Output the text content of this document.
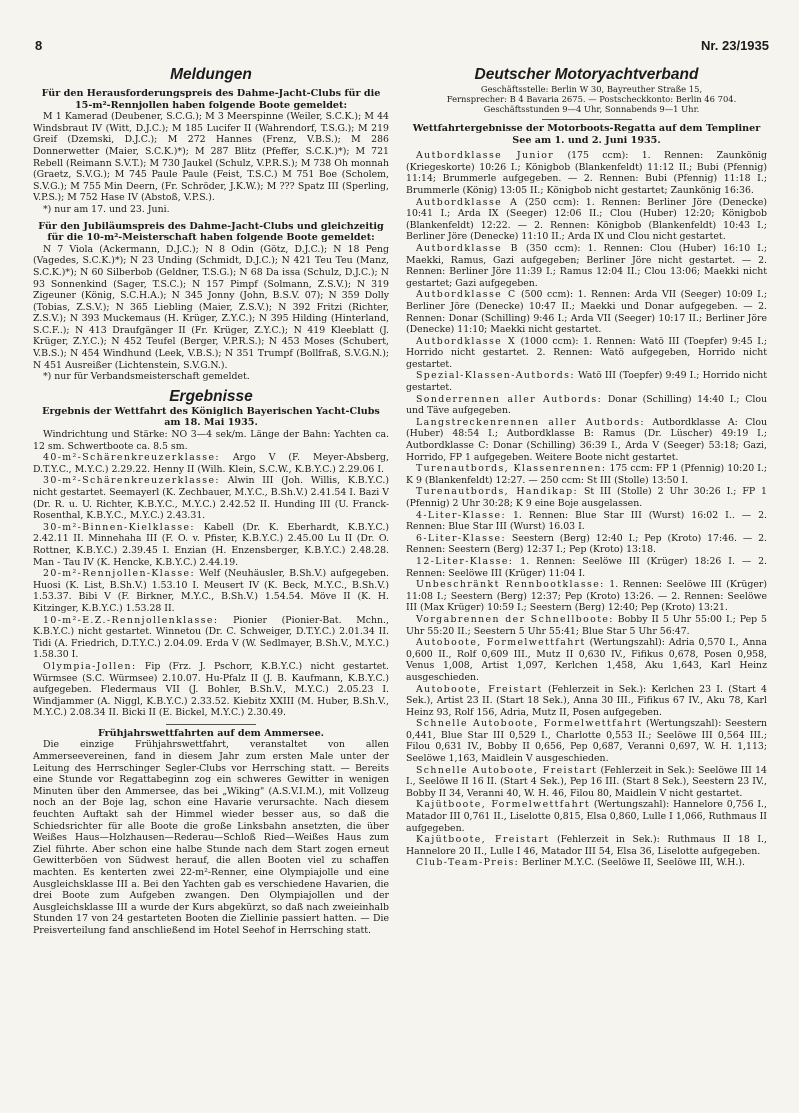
8	Nr. 23/1935
Meldungen
Für den Herausforderungspreis des Dahme-Jacht-Clubs für die 15-m²-Rennjollen haben folgende Boote gemeldet:

M 1 Kamerad (Deubener, S.C.G.); M 3 Meerspinne (Weiler, S.C.K.); M 44 Windsbraut IV (Witt, D.J.C.); M 185 Lucifer II (Wahrendorf, T.S.G.); M 219 Greif (Dzemski, D.J.C.); M 272 Hannes (Frenz, V.B.S.); M 286 Donnerwetter (Maier, S.C.K.)*); M 287 Blitz (Pfeffer, S.C.K.)*); M 721 Rebell (Reimann S.V.T.); M 730 Jaukel (Schulz, V.P.R.S.); M 738 Oh monnah (Graetz, S.V.G.); M 745 Paule Paule (Feist, T.S.C.) M 751 Boe (Scholem, S.V.G.); M 755 Min Deern, (Fr. Schröder, J.K.W.); M ??? Spatz III (Sperling, V.P.S.); M 752 Hase IV (Abstoß, V.P.S.).

*) nur am 17. und 23. Juni.

Für den Jubiläumspreis des Dahme-Jacht-Clubs und gleichzeitig für die 10-m²-Meisterschaft haben folgende Boote gemeldet:

N 7 Viola (Ackermann, D.J.C.); N 8 Odin (Götz, D.J.C.); N 18 Peng (Vagedes, S.C.K.)*); N 23 Unding (Schmidt, D.J.C.); N 421 Teu Teu (Manz, S.C.K.)*); N 60 Silberbob (Geldner, T.S.G.); N 68 Da issa (Schulz, D.J.C.); N 93 Sonnenkind (Sager, T.S.C.); N 157 Pimpf (Solmann, Z.S.V.); N 319 Zigeuner (König, S.C.H.A.); N 345 Jonny (John, B.S.V. 07); N 359 Dolly (Tobias, Z.S.V.); N 365 Liebling (Maier, Z.S.V.); N 392 Fritzi (Richter, Z.S.V.); N 393 Muckemaus (H. Krüger, Z.Y.C.); N 395 Hilding (Hinterland, S.C.F..); N 413 Draufgänger II (Fr. Krüger, Z.Y.C.); N 419 Kleeblatt (J. Krüger, Z.Y.C.); N 452 Teufel (Berger, V.P.R.S.); N 453 Moses (Schubert, V.B.S.); N 454 Windhund (Leek, V.B.S.); N 351 Trumpf (Bollfraß, S.V.G.N.); N 451 Ausreißer (Lichtenstein, S.V.G.N.).

*) nur für Verbandsmeisterschaft gemeldet.

Ergebnisse
Ergebnis der Wettfahrt des Königlich Bayerischen Yacht-Clubs am 18. Mai 1935.

Windrichtung und Stärke: NO 3—4 sek/m. Länge der Bahn: Yachten ca. 12 sm. Schwertboote ca. 8.5 sm.

40-m²-Schärenkreuzerklasse: Argo V (F. Meyer-Absberg, D.T.Y.C., M.Y.C.) 2.29.22. Henny II (Wilh. Klein, S.C.W., K.B.Y.C.) 2.29.06 I.

30-m²-Schärenkreuzerklasse: Alwin III (Joh. Willis, K.B.Y.C.) nicht gestartet. Seemayerl (K. Zechbauer, M.Y.C., B.Sh.V.) 2.41.54 I. Bazi V (Dr. R. u. U. Richter, K.B.Y.C., M.Y.C.) 2.42.52 II. Hunding III (U. Franck-Rosenthal, K.B.Y.C., M.Y.C.) 2.43.31.

30-m²-Binnen-Kielklasse: Kabell (Dr. K. Eberhardt, K.B.Y.C.) 2.42.11 II. Minnehaha III (F. O. v. Pfister, K.B.Y.C.) 2.45.00 Lu II (Dr. O. Rottner, K.B.Y.C.) 2.39.45 I. Enzian (H. Enzensberger, K.B.Y.C.) 2.48.28. Man - Tau IV (K. Hencke, K.B.Y.C.) 2.44.19.

20-m²-Rennjollen-Klasse: Welf (Neuhäusler, B.Sh.V.) aufgegeben. Huosi (K. List, B.Sh.V.) 1.53.10 I. Meusert IV (K. Beck, M.Y.C., B.Sh.V.) 1.53.37. Bibi V (F. Birkner, M.Y.C., B.Sh.V.) 1.54.54. Möve II (K. H. Kitzinger, K.B.Y.C.) 1.53.28 II.

10-m²-E.Z.-Rennjollenklasse: Pionier (Pionier-Bat. Mchn., K.B.Y.C.) nicht gestartet. Winnetou (Dr. C. Schweiger, D.T.Y.C.) 2.01.34 II. Tidi (A. Friedrich, D.T.Y.C.) 2.04.09. Erda V (W. Sedlmayer, B.Sh.V., M.Y.C.) 1.58.30 I.

Olympia-Jollen: Fip (Frz. J. Pschorr, K.B.Y.C.) nicht gestartet. Würmsee (S.C. Würmsee) 2.10.07. Hu-Pfalz II (J. B. Kaufmann, K.B.Y.C.) aufgegeben. Fledermaus VII (J. Bohler, B.Sh.V., M.Y.C.) 2.05.23 I. Windjammer (A. Niggl, K.B.Y.C.) 2.33.52. Kiebitz XXIII (M. Huber, B.Sh.V., M.Y.C.) 2.08.34 II. Bicki II (E. Bickel, M.Y.C.) 2.30.49.

Frühjahrswettfahrten auf dem Ammersee.

Die einzige Frühjahrswettfahrt, veranstaltet von allen Ammerseevereinen, fand in diesem Jahr zum ersten Male unter der Leitung des Herrschinger Segler-Clubs vor Herrsching statt. — Bereits eine Stunde vor Regattabeginn zog ein schweres Gewitter in wenigen Minuten über den Ammersee, das bei „Wiking" (A.S.V.I.M.), mit Vollzeug noch an der Boje lag, schon eine Havarie verursachte. Nach diesem feuchten Auftakt sah der Himmel wieder besser aus, so daß die Schiedsrichter für alle Boote die große Linksbahn ansetzten, die über Weißes Haus—Holzhausen—Rederau—Schloß Ried—Weißes Haus zum Ziel führte. Aber schon eine halbe Stunde nach dem Start zogen erneut Gewitterböen von Südwest herauf, die allen Booten viel zu schaffen machten. Es kenterten zwei 22-m²-Renner, eine Olympiajolle und eine Ausgleichsklasse III a. Bei den Yachten gab es verschiedene Havarien, die drei Boote zum Aufgeben zwangen. Den Olympiajollen und der Ausgleichsklasse III a wurde der Kurs abgekürzt, so daß nach zweieinhalb Stunden 17 von 24 gestarteten Booten die Ziellinie passiert hatten. — Die Preisverteilung fand anschließend im Hotel Seehof in Herrsching statt.

Deutscher Motoryachtverband

Geschäftsstelle: Berlin W 30, Bayreuther Straße 15,

Fernsprecher: B 4 Bavaria 2675. — Postscheckkonto: Berlin 46 704.

Geschäftsstunden 9—4 Uhr, Sonnabends 9—1 Uhr.

Wettfahrtergebnisse der Motorboots-Regatta auf dem Templiner See am 1. und 2. Juni 1935.

Autbordklasse Junior (175 ccm): 1. Rennen: Zaunkönig (Kriegeskorte) 10:26 I.; Königbob (Blankenfeldt) 11:12 II.; Bubi (Pfennig) 11:14; Brummerle aufgegeben. — 2. Rennen: Bubi (Pfennig) 11:18 I.; Brummerle (König) 13:05 II.; Königbob nicht gestartet; Zaunkönig 16:36.

Autbordklasse A (250 ccm): 1. Rennen: Berliner Jöre (Denecke) 10:41 I.; Arda IX (Seeger) 12:06 II.; Clou (Huber) 12:20; Königbob (Blankenfeldt) 12:22. — 2. Rennen: Königbob (Blankenfeldt) 10:43 I.; Berliner Jöre (Denecke) 11:10 II.; Arda IX und Clou nicht gestartet.

Autbordklasse B (350 ccm): 1. Rennen: Clou (Huber) 16:10 I.; Maekki, Ramus, Gazi aufgegeben; Berliner Jöre nicht gestartet. — 2. Rennen: Berliner Jöre 11:39 I.; Ramus 12:04 II.; Clou 13:06; Maekki nicht gestartet; Gazi aufgegeben.

Autbordklasse C (500 ccm): 1. Rennen: Arda VII (Seeger) 10:09 I.; Berliner Jöre (Denecke) 10:47 II.; Maekki und Donar aufgegeben. — 2. Rennen: Donar (Schilling) 9:46 I.; Arda VII (Seeger) 10:17 II.; Berliner Jöre (Denecke) 11:10; Maekki nicht gestartet.

Autbordklasse X (1000 ccm): 1. Rennen: Watö III (Toepfer) 9:45 I.; Horrido nicht gestartet. 2. Rennen: Watö aufgegeben, Horrido nicht gestartet.

Spezial-Klassen-Autbords: Watö III (Toepfer) 9:49 I.; Horrido nicht gestartet.

Sonderrennen aller Autbords: Donar (Schilling) 14:40 I.; Clou und Täve aufgegeben.

Langstreckenrennen aller Autbords: Autbordklasse A: Clou (Huber) 48:54 I.; Autbordklasse B: Ramus (Dr. Lüscher) 49:19 I.; Autbordklasse C: Donar (Schilling) 36:39 I., Arda V (Seeger) 53:18; Gazi, Horrido, FP 1 aufgegeben. Weitere Boote nicht gestartet.

Turenautbords, Klassenrennen: 175 ccm: FP 1 (Pfennig) 10:20 I.; K 9 (Blankenfeldt) 12:27. — 250 ccm: St III (Stolle) 13:50 I.

Turenautbords, Handikap: St III (Stolle) 2 Uhr 30:26 I.; FP 1 (Pfennig) 2 Uhr 30:28; K 9 eine Boje ausgelassen.

4-Liter-Klasse: 1. Rennen: Blue Star III (Wurst) 16:02 I.. — 2. Rennen: Blue Star III (Wurst) 16.03 I.

6-Liter-Klasse: Seestern (Berg) 12:40 I.; Pep (Kroto) 17:46. — 2. Rennen: Seestern (Berg) 12:37 I.; Pep (Kroto) 13:18.

12-Liter-Klasse: 1. Rennen: Seelöwe III (Krüger) 18:26 I. — 2. Rennen: Seelöwe III (Krüger) 11:04 I.

Unbeschränkt Rennbootklasse: 1. Rennen: Seelöwe III (Krüger) 11:08 I.; Seestern (Berg) 12:37; Pep (Kroto) 13:26. — 2. Rennen: Seelöwe III (Max Krüger) 10:59 I.; Seestern (Berg) 12:40; Pep (Kroto) 13:21.

Vorgabrennen der Schnellboote: Bobby II 5 Uhr 55:00 I.; Pep 5 Uhr 55:20 II.; Seestern 5 Uhr 55:41; Blue Star 5 Uhr 56:47.

Autoboote, Formelwettfahrt (Wertungszahl): Adria 0,570 I., Anna 0,600 II., Rolf 0,609 III., Mutz II 0,630 IV., Fifikus 0,678, Posen 0,958, Venus 1,008, Artist 1,097, Kerlchen 1,458, Aku 1,643, Karl Heinz ausgeschieden.

Autoboote, Freistart (Fehlerzeit in Sek.): Kerlchen 23 I. (Start 4 Sek.), Artist 23 II. (Start 18 Sek.), Anna 30 III., Fifikus 67 IV., Aku 78, Karl Heinz 93, Rolf 156, Adria, Mutz II, Posen aufgegeben.

Schnelle Autoboote, Formelwettfahrt (Wertungszahl): Seestern 0,441, Blue Star III 0,529 I., Charlotte 0,553 II.; Seelöwe III 0,564 III.; Filou 0,631 IV., Bobby II 0,656, Pep 0,687, Veranni 0,697, W. H. 1,113; Seelöwe 1,163, Maidlein V ausgeschieden.

Schnelle Autoboote, Freistart (Fehlerzeit in Sek.): Seelöwe III 14 I., Seelöwe II 16 II. (Start 4 Sek.), Pep 16 III. (Start 8 Sek.), Seestern 23 IV., Bobby II 34, Veranni 40, W. H. 46, Filou 80, Maidlein V nicht gestartet.

Kajütboote, Formelwettfahrt (Wertungszahl): Hannelore 0,756 I., Matador III 0,761 II., Liselotte 0,815, Elsa 0,860, Lulle I 1,066, Ruthmaus II aufgegeben.

Kajütboote, Freistart (Fehlerzeit in Sek.): Ruthmaus II 18 I., Hannelore 20 II., Lulle I 46, Matador III 54, Elsa 36, Liselotte aufgegeben.

Club-Team-Preis: Berliner M.Y.C. (Seelöwe II, Seelöwe III, W.H.).
